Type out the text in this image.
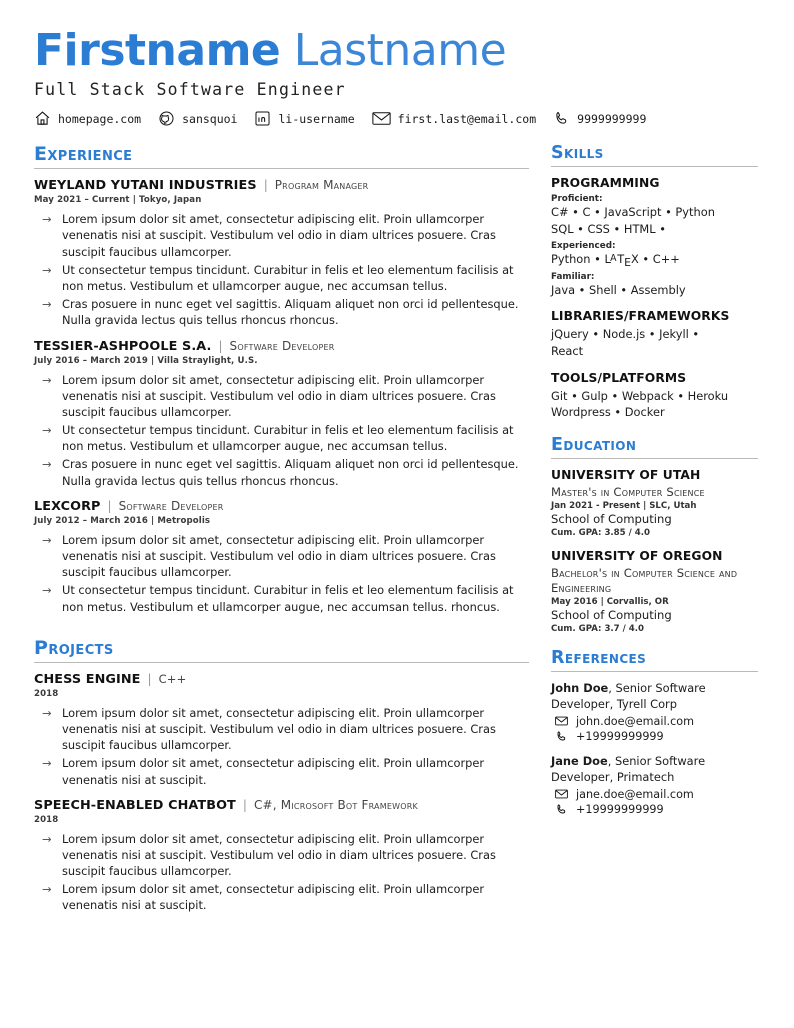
Firstname Lastname
Full Stack Software Engineer
homepage.com	sansquoi	li-username	first.last@email.com	9999999999
Experience
WEYLAND YUTANI INDUSTRIES | Program Manager
May 2021 – Current | Tokyo, Japan
→ Lorem ipsum dolor sit amet, consectetur adipiscing elit. Proin ullamcorper venenatis nisi at suscipit. Vestibulum vel odio in diam ultrices posuere. Cras suscipit faucibus ullamcorper.
→ Ut consectetur tempus tincidunt. Curabitur in felis et leo elementum facilisis at non metus. Vestibulum et ullamcorper augue, nec accumsan tellus.
→ Cras posuere in nunc eget vel sagittis. Aliquam aliquet non orci id pellentesque. Nulla gravida lectus quis tellus rhoncus rhoncus.
TESSIER-ASHPOOLE S.A. | Software Developer
July 2016 – March 2019 | Villa Straylight, U.S.
→ Lorem ipsum dolor sit amet, consectetur adipiscing elit. Proin ullamcorper venenatis nisi at suscipit. Vestibulum vel odio in diam ultrices posuere. Cras suscipit faucibus ullamcorper.
→ Ut consectetur tempus tincidunt. Curabitur in felis et leo elementum facilisis at non metus. Vestibulum et ullamcorper augue, nec accumsan tellus.
→ Cras posuere in nunc eget vel sagittis. Aliquam aliquet non orci id pellentesque. Nulla gravida lectus quis tellus rhoncus rhoncus.
LEXCORP | Software Developer
July 2012 – March 2016 | Metropolis
→ Lorem ipsum dolor sit amet, consectetur adipiscing elit. Proin ullamcorper venenatis nisi at suscipit. Vestibulum vel odio in diam ultrices posuere. Cras suscipit faucibus ullamcorper.
→ Ut consectetur tempus tincidunt. Curabitur in felis et leo elementum facilisis at non metus. Vestibulum et ullamcorper augue, nec accumsan tellus. rhoncus.
Projects
CHESS ENGINE | C++
2018
→ Lorem ipsum dolor sit amet, consectetur adipiscing elit. Proin ullamcorper venenatis nisi at suscipit. Vestibulum vel odio in diam ultrices posuere. Cras suscipit faucibus ullamcorper.
→ Lorem ipsum dolor sit amet, consectetur adipiscing elit. Proin ullamcorper venenatis nisi at suscipit.
SPEECH-ENABLED CHATBOT | C#, Microsoft Bot Framework
2018
→ Lorem ipsum dolor sit amet, consectetur adipiscing elit. Proin ullamcorper venenatis nisi at suscipit. Vestibulum vel odio in diam ultrices posuere. Cras suscipit faucibus ullamcorper.
→ Lorem ipsum dolor sit amet, consectetur adipiscing elit. Proin ullamcorper venenatis nisi at suscipit.
Skills
PROGRAMMING
Proficient:
C# • C • JavaScript • Python
SQL • CSS • HTML •
Experienced:
Python • $L^ATEX$ • C++
Familiar:
Java • Shell • Assembly
LIBRARIES/FRAMEWORKS
jQuery • Node.js • Jekyll •
React
TOOLS/PLATFORMS
Git • Gulp • Webpack • Heroku
Wordpress • Docker
Education
UNIVERSITY OF UTAH
Master's in Computer Science
Jan 2021 - Present | SLC, Utah
School of Computing
Cum. GPA: 3.85 / 4.0
UNIVERSITY OF OREGON
Bachelor's in Computer Science and Engineering
May 2016 | Corvallis, OR
School of Computing
Cum. GPA: 3.7 / 4.0
References
John Doe, Senior Software Developer, Tyrell Corp
john.doe@email.com
+19999999999
Jane Doe, Senior Software Developer, Primatech
jane.doe@email.com
+19999999999
